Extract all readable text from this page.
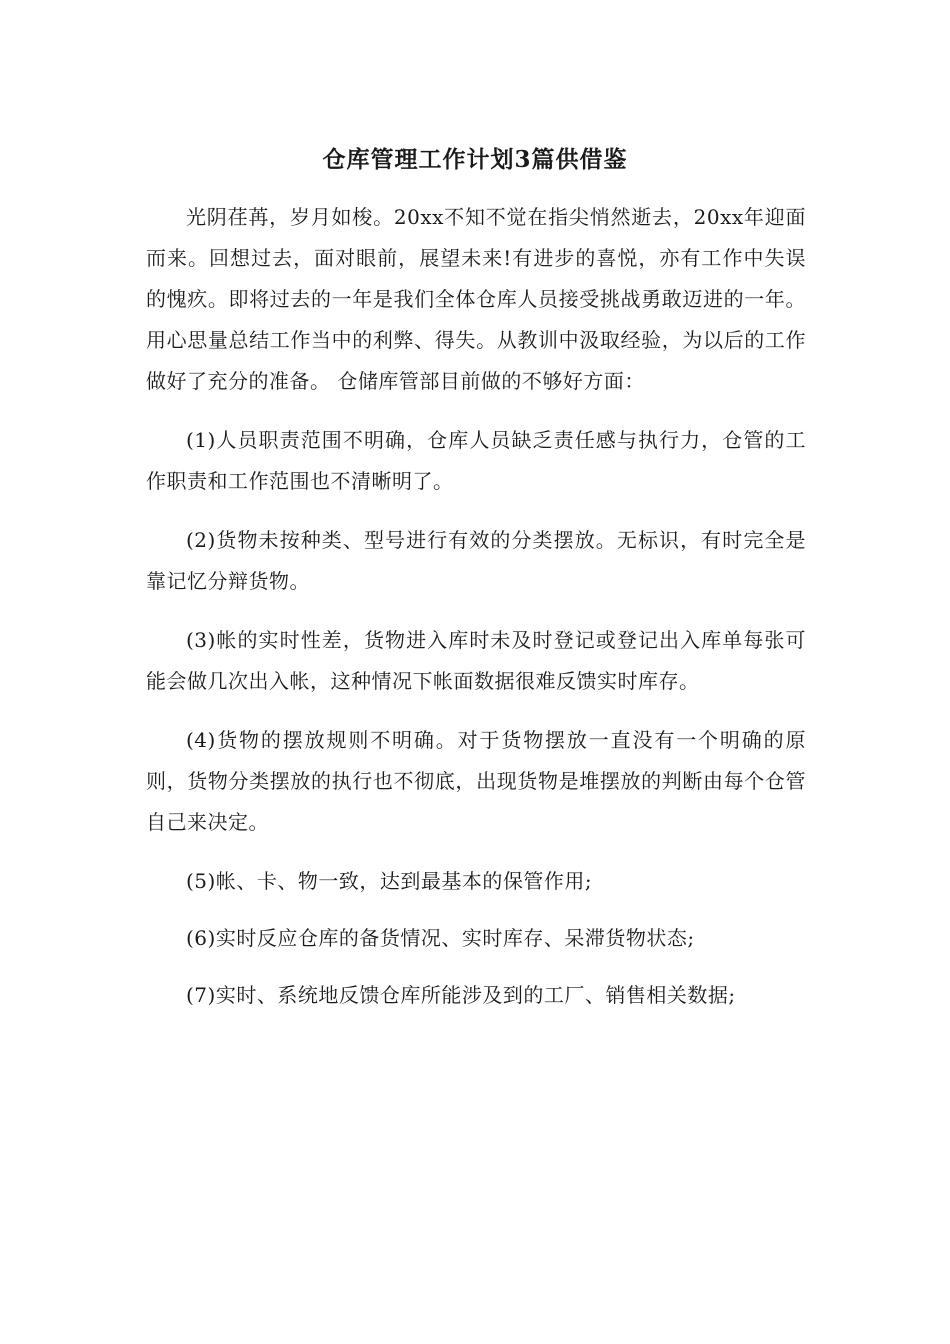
仓库管理工作计划3篇供借鉴

光阴荏苒，岁月如梭。20xx不知不觉在指尖悄然逝去，20xx年迎面而来。回想过去，面对眼前，展望未来!有进步的喜悦，亦有工作中失误的愧疚。即将过去的一年是我们全体仓库人员接受挑战勇敢迈进的一年。用心思量总结工作当中的利弊、得失。从教训中汲取经验，为以后的工作做好了充分的准备。 仓储库管部目前做的不够好方面：

(1)人员职责范围不明确，仓库人员缺乏责任感与执行力，仓管的工作职责和工作范围也不清晰明了。

(2)货物未按种类、型号进行有效的分类摆放。无标识，有时完全是靠记忆分辩货物。

(3)帐的实时性差，货物进入库时未及时登记或登记出入库单每张可能会做几次出入帐，这种情况下帐面数据很难反馈实时库存。

(4)货物的摆放规则不明确。对于货物摆放一直没有一个明确的原则，货物分类摆放的执行也不彻底，出现货物是堆摆放的判断由每个仓管自己来决定。

(5)帐、卡、物一致，达到最基本的保管作用;

(6)实时反应仓库的备货情况、实时库存、呆滞货物状态;

(7)实时、系统地反馈仓库所能涉及到的工厂、销售相关数据;
